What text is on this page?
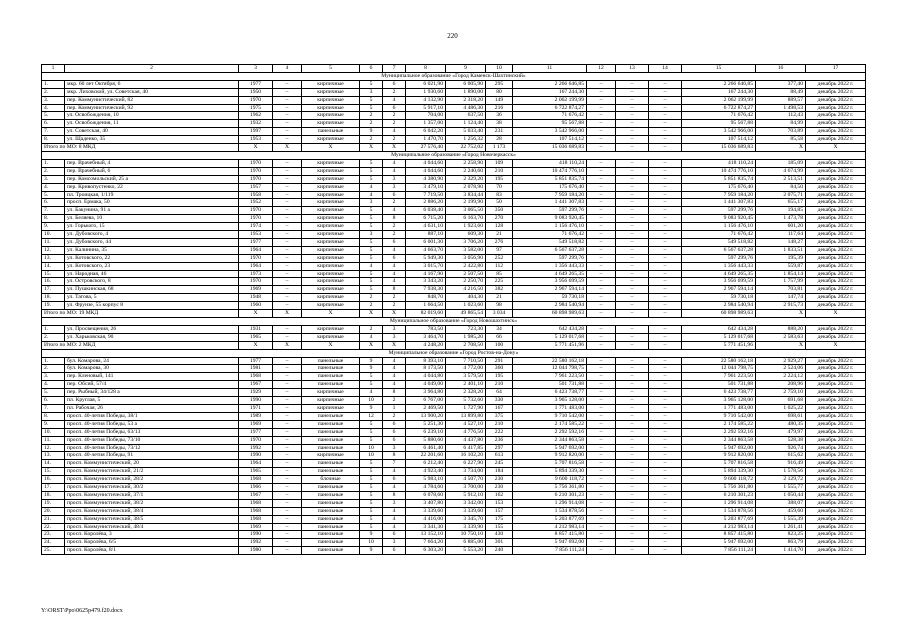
220
1	2	3	4	5	6	7	8	9	10	11	12	13	14	15	16	17
Муниципальное образование «Город Каменск-Шахтинский»																
1.	мкр. 60 лет Октября, 6	1977	–	кирпичные	5	6	6 021,90	6 005,90	295	2 266 646,85	–	–	–	2 266 646,85	377,40	декабрь 2022 г.
2.	мкр. Лиховской, ул. Советская, 40	1950	–	кирпичные	3	2	1 930,60	1 890,00	80	167 244,30	–	–	–	167 244,30	88,49	декабрь 2022 г.
3.	пер. Коммунистический, 82	1970	–	кирпичные	5	4	4 132,90	2 318,20	149	2 062 199,99	–	–	–	2 062 199,99	889,57	декабрь 2022 г.
4.	пер. Коммунистический, 92	1975	–	кирпичные	5	6	5 917,10	4 486,30	216	6 722 874,27	–	–	–	6 722 874,27	1 498,53	декабрь 2022 г.
5.	ул. Освобождения, 10	1962	–	кирпичные	2	2	704,00	637,50	36	71 676,42	–	–	–	71 676,42	112,43	декабрь 2022 г.
6.	ул. Освобождения, 11	1932	–	кирпичные	2	2	1 357,00	1 124,40	38	95 567,88	–	–	–	95 567,88	84,99	декабрь 2022 г.
7.	ул. Советская, 40	1997	–	панельные	9	4	6 042,20	5 033,40	231	3 542 966,00	–	–	–	3 542 966,00	703,89	декабрь 2022 г.
8.	ул. Щаденко, 35	1953	–	кирпичные	2	2	1 470,70	1 256,32	28	107 514,12	–	–	–	107 514,12	85,58	декабрь 2022 г.
Итого по МО: 8 МКД		X	X	X	X	X	27 576,40	22 752,02	1 173	15 036 689,83	–	–	–	15 036 689,83	X	X
Муниципальное образование «Город Новочеркасск»																
1.	пер. Врачебный, 4	1970	–	кирпичные	5	4	4 044,60	2 258,90	109	418 110,24	–	–	–	418 110,24	185,09	декабрь 2022 г.
2.	пер. Врачебный, 6	1970	–	кирпичные	5	4	4 044,60	2 240,60	210	10 474 776,10	–	–	–	10 474 776,10	4 674,99	декабрь 2022 г.
3.	пер. Комсомольский, 25 а	1970	–	кирпичные	5	3	4 380,90	2 329,20	195	5 851 835,74	–	–	–	5 851 835,74	2 513,51	декабрь 2022 г.
4.	пер. Кривопустенко, 22	1957	–	кирпичные	4	3	3 479,10	2 078,90	70	175 676,40	–	–	–	175 676,40	84,50	декабрь 2022 г.
5.	пл. Троицкая, 1/119	1958	–	кирпичные	4	6	7 719,50	3 834,44	83	7 959 184,20	–	–	–	7 959 184,20	2 075,71	декабрь 2022 г.
6.	просп. Ермака, 50	1952	–	кирпичные	3	2	2 886,20	2 199,90	50	1 441 307,83	–	–	–	1 441 307,83	655,17	декабрь 2022 г.
7.	ул. Бакунина, 91 а	1970	–	кирпичные	5	4	6 038,40	3 065,50	350	597 299,76	–	–	–	597 299,76	194,85	декабрь 2022 г.
8.	ул. Беляева, 10	1970	–	кирпичные	5	8	6 715,20	6 163,70	270	9 083 920,45	–	–	–	9 083 920,45	1 473,78	декабрь 2022 г.
9.	ул. Горького, 15	1974	–	кирпичные	5	2	4 631,10	1 923,60	128	1 156 476,10	–	–	–	1 156 476,10	601,20	декабрь 2022 г.
10.	ул. Дубовского, 4	1953	–	кирпичные	3	2	887,10	609,30	21	71 676,42	–	–	–	71 676,42	117,64	декабрь 2022 г.
11.	ул. Дубовского, 44	1977	–	кирпичные	5	6	6 001,30	3 706,20	276	549 518,82	–	–	–	549 518,82	148,27	декабрь 2022 г.
12.	ул. Калинина, 35	1964	–	кирпичные	5	4	4 663,70	3 582,00	97	6 567 637,28	–	–	–	6 567 637,28	1 833,51	декабрь 2022 г.
13.	ул. Котовского, 22	1970	–	кирпичные	5	6	5 949,30	3 056,90	252	597 299,76	–	–	–	597 299,76	195,39	декабрь 2022 г.
14.	ул. Котовского, 23	1964	–	кирпичные	4	4	3 015,70	2 422,80	112	1 356 443,33	–	–	–	1 356 443,33	559,87	декабрь 2022 г.
15.	ул. Народная, 46	1973	–	кирпичные	5	4	4 167,90	2 507,50	85	4 649 265,35	–	–	–	4 649 265,35	1 854,14	декабрь 2022 г.
16.	ул. Островского, 8	1970	–	кирпичные	5	4	3 343,20	2 250,70	225	3 956 699,59	–	–	–	3 956 699,59	1 757,99	декабрь 2022 г.
17.	ул. Пушкинская, 68	1969	–	кирпичные	5	8	7 938,30	4 216,50	382	2 967 594,14	–	–	–	2 967 594,14	703,81	декабрь 2022 г.
18.	ул. Тагова, 5	1948	–	кирпичные	2	2	848,70	404,30	21	59 730,18	–	–	–	59 730,18	147,74	декабрь 2022 г.
19.	ул. Фрунзе, 55 корпус 8	1960	–	кирпичные	2	2	1 664,50	1 023,60	98	2 984 540,94	–	–	–	2 984 540,94	2 915,73	декабрь 2022 г.
Итого по МО: 19 МКД		X	X	X	X	X	82 019,60	49 865,54	3 034	60 898 989,63	–	–	–	60 898 989,63	X	X
Муниципальное образование «Город Новошахтинск»																
1.	ул. Просвещения, 26	1931	–	кирпичные	2	3	783,50	723,30	34	642 434,28	–	–	–	642 434,28	888,20	декабрь 2022 г.
2.	ул. Харьковская, 90	1965	–	кирпичные	4	3	3 464,70	1 985,20	66	5 129 017,68	–	–	–	5 129 017,68	2 583,63	декабрь 2022 г.
Итого по МО: 2 МКД		X	X	X	X	X	4 248,20	2 708,50	100	5 771 451,96	–	–	–	5 771 451,96	X	X
Муниципальное образование «Город Ростов-на-Дону»																
1.	бул. Комарова, 24	1977	–	панельные	9	4	8 393,10	7 710,50	291	22 580 162,18	–	–	–	22 580 162,18	2 929,27	декабрь 2022 г.
2.	бул. Комарова, 30	1981	–	панельные	9	4	8 173,50	4 772,00	360	12 044 798,75	–	–	–	12 044 798,75	2 524,06	декабрь 2022 г.
3.	пер. Кленовый, 141	1968	–	панельные	5	4	4 044,80	3 579,50	195	7 961 223,50	–	–	–	7 961 223,50	2 224,12	декабрь 2022 г.
4.	пер. Обсий, 57/4	1967	–	панельные	5	4	4 049,00	2 401,10	210	501 731,88	–	–	–	501 731,88	208,96	декабрь 2022 г.
5.	пер. Рыбный, 34/128 а	1929	–	кирпичные	4	8	3 964,80	2 328,20	64	6 423 738,77	–	–	–	6 423 738,77	2 759,10	декабрь 2022 г.
6.	пл. Круглая, 5	1990	–	кирпичные	10	2	6 767,00	5 732,60	330	3 965 128,00	–	–	–	3 965 128,00	691,68	декабрь 2022 г.
7.	пл. Рабочая, 26	1971	–	кирпичные	9	1	2 469,50	1 727,90	167	1 771 483,00	–	–	–	1 771 483,00	1 025,22	декабрь 2022 г.
8.	просп. 40-летия Победы, 38/1	1989	–	панельные	12	2	13 900,20	13 899,80	375	9 710 542,00	–	–	–	9 710 542,00	698,61	декабрь 2022 г.
9.	просп. 40-летия Победы, 53 а	1969	–	панельные	5	6	5 251,30	4 527,10	210	2 174 585,22	–	–	–	2 174 585,22	480,35	декабрь 2022 г.
10.	просп. 40-летия Победы, 63/13	1977	–	панельные	5	6	6 239,10	4 776,50	222	2 292 592,16	–	–	–	2 292 592,16	479,97	декабрь 2022 г.
11.	просп. 40-летия Победы, 73/10	1970	–	панельные	5	6	5 880,60	4 437,80	236	2 344 863,58	–	–	–	2 344 863,58	528,38	декабрь 2022 г.
12.	просп. 40-летия Победы, 73/12	1992	–	панельные	10	3	6 461,40	6 417,85	297	5 947 692,00	–	–	–	5 947 692,00	926,74	декабрь 2022 г.
13.	просп. 40-летия Победы, 91	1990	–	кирпичные	10	8	22 201,60	16 102,20	613	9 912 820,00	–	–	–	9 912 820,00	615,62	декабрь 2022 г.
14.	просп. Коммунистический, 20	1964	–	панельные	5	7	6 212,40	6 227,90	245	5 707 816,58	–	–	–	5 707 816,58	916,49	декабрь 2022 г.
15.	просп. Коммунистический, 21/2	1965	–	панельные	5	4	4 923,40	3 734,00	184	5 894 339,30	–	–	–	5 894 339,30	1 578,56	декабрь 2022 г.
16.	просп. Коммунистический, 28/2	1968	–	блочные	5	6	5 983,10	4 507,70	230	9 600 118,72	–	–	–	9 600 118,72	2 129,72	декабрь 2022 г.
17.	просп. Коммунистический, 30/2	1966	–	панельные	5	4	4 784,60	3 700,00	230	5 756 361,80	–	–	–	5 756 361,80	1 555,77	декабрь 2022 г.
18.	просп. Коммунистический, 37/1	1967	–	панельные	5	8	6 078,60	5 912,10	162	6 210 301,23	–	–	–	6 210 301,23	1 050,44	декабрь 2022 г.
19.	просп. Коммунистический, 38/2	1968	–	панельные	5	3	3 407,80	3 342,00	153	1 296 914,08	–	–	–	1 296 914,08	388,07	декабрь 2022 г.
20.	просп. Коммунистический, 38/4	1968	–	панельные	5	4	3 339,60	3 339,60	157	1 534 878,56	–	–	–	1 534 878,56	459,60	декабрь 2022 г.
21.	просп. Коммунистический, 38/5	1968	–	панельные	5	4	4 416,00	3 345,70	175	5 203 877,69	–	–	–	5 203 877,69	1 555,39	декабрь 2022 г.
22.	просп. Коммунистический, 48/4	1969	–	панельные	5	4	3 341,30	3 339,90	155	4 212 983,14	–	–	–	4 212 983,14	1 261,41	декабрь 2022 г.
23.	просп. Королёва, 3	1990	–	панельные	9	6	13 152,10	10 750,10	430	8 857 415,80	–	–	–	8 857 415,80	823,25	декабрь 2022 г.
24.	просп. Королёва, 6/5	1992	–	панельные	10	3	7 664,20	6 885,00	301	5 947 692,00	–	–	–	5 947 692,00	863,79	декабрь 2022 г.
25.	просп. Королёва, 8/1	1980	–	панельные	9	6	6 303,20	5 553,20	240	7 856 111,24	–	–	–	7 856 111,24	1 414,70	декабрь 2022 г.
Y:\ORST\Ppo\0625p479.f20.docx
